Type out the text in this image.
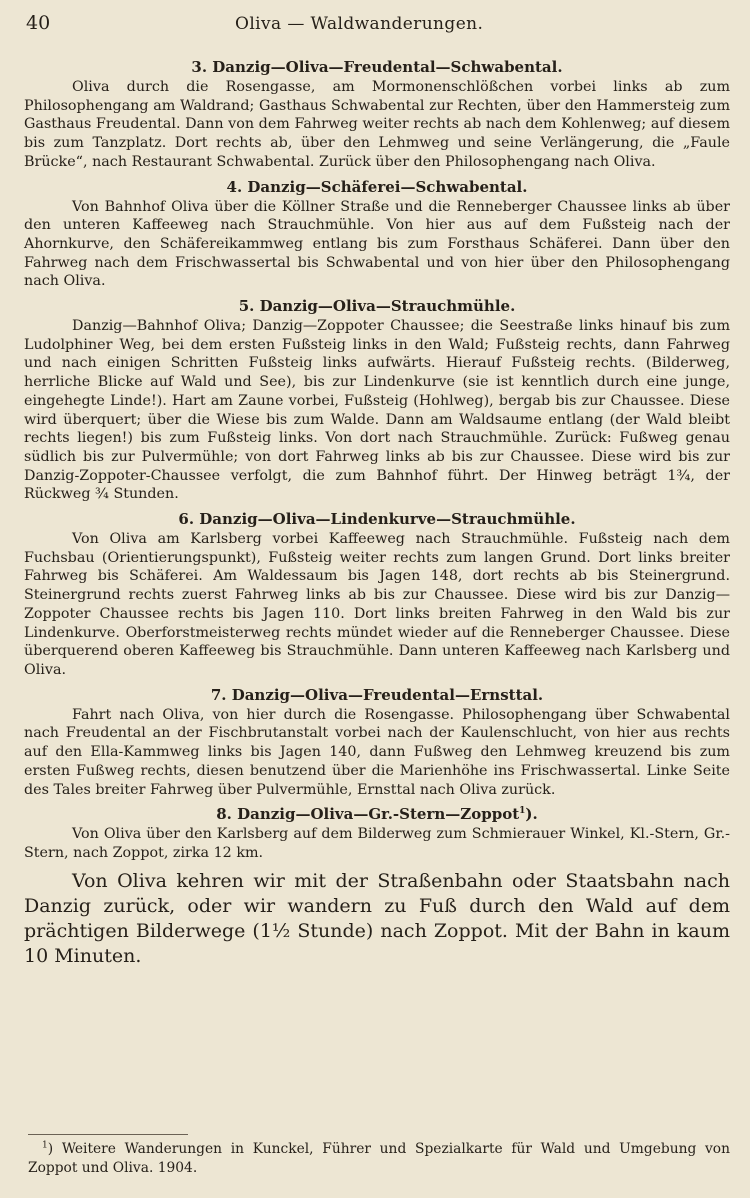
40	Oliva — Waldwanderungen.
3. Danzig—Oliva—Freudental—Schwabental.

Oliva durch die Rosengasse, am Mormonenschlößchen vorbei links ab zum Philosophengang am Waldrand; Gasthaus Schwabental zur Rechten, über den Hammersteig zum Gasthaus Freudental. Dann von dem Fahrweg weiter rechts ab nach dem Kohlenweg; auf diesem bis zum Tanzplatz. Dort rechts ab, über den Lehmweg und seine Verlängerung, die „Faule Brücke“, nach Restaurant Schwabental. Zurück über den Philosophengang nach Oliva.

4. Danzig—Schäferei—Schwabental.

Von Bahnhof Oliva über die Köllner Straße und die Renneberger Chaussee links ab über den unteren Kaffeeweg nach Strauchmühle. Von hier aus auf dem Fußsteig nach der Ahornkurve, den Schäfereikammweg entlang bis zum Forsthaus Schäferei. Dann über den Fahrweg nach dem Frischwassertal bis Schwabental und von hier über den Philosophengang nach Oliva.

5. Danzig—Oliva—Strauchmühle.

Danzig—Bahnhof Oliva; Danzig—Zoppoter Chaussee; die Seestraße links hinauf bis zum Ludolphiner Weg, bei dem ersten Fußsteig links in den Wald; Fußsteig rechts, dann Fahrweg und nach einigen Schritten Fußsteig links aufwärts. Hierauf Fußsteig rechts. (Bilderweg, herrliche Blicke auf Wald und See), bis zur Lindenkurve (sie ist kenntlich durch eine junge, eingehegte Linde!). Hart am Zaune vorbei, Fußsteig (Hohlweg), bergab bis zur Chaussee. Diese wird überquert; über die Wiese bis zum Walde. Dann am Waldsaume entlang (der Wald bleibt rechts liegen!) bis zum Fußsteig links. Von dort nach Strauchmühle. Zurück: Fußweg genau südlich bis zur Pulvermühle; von dort Fahrweg links ab bis zur Chaussee. Diese wird bis zur Danzig-Zoppoter-Chaussee verfolgt, die zum Bahnhof führt. Der Hinweg beträgt 1¾, der Rückweg ¾ Stunden.

6. Danzig—Oliva—Lindenkurve—Strauchmühle.

Von Oliva am Karlsberg vorbei Kaffeeweg nach Strauchmühle. Fußsteig nach dem Fuchsbau (Orientierungspunkt), Fußsteig weiter rechts zum langen Grund. Dort links breiter Fahrweg bis Schäferei. Am Waldessaum bis Jagen 148, dort rechts ab bis Steinergrund. Steinergrund rechts zuerst Fahrweg links ab bis zur Chaussee. Diese wird bis zur Danzig—Zoppoter Chaussee rechts bis Jagen 110. Dort links breiten Fahrweg in den Wald bis zur Lindenkurve. Oberforstmeisterweg rechts mündet wieder auf die Renneberger Chaussee. Diese überquerend oberen Kaffeeweg bis Strauchmühle. Dann unteren Kaffeeweg nach Karlsberg und Oliva.

7. Danzig—Oliva—Freudental—Ernsttal.

Fahrt nach Oliva, von hier durch die Rosengasse. Philosophengang über Schwabental nach Freudental an der Fischbrutanstalt vorbei nach der Kaulenschlucht, von hier aus rechts auf den Ella-Kammweg links bis Jagen 140, dann Fußweg den Lehmweg kreuzend bis zum ersten Fußweg rechts, diesen benutzend über die Marienhöhe ins Frischwassertal. Linke Seite des Tales breiter Fahrweg über Pulvermühle, Ernsttal nach Oliva zurück.

8. Danzig—Oliva—Gr.-Stern—Zoppot$^1$).

Von Oliva über den Karlsberg auf dem Bilderweg zum Schmierauer Winkel, Kl.-Stern, Gr.-Stern, nach Zoppot, zirka 12 km.

Von Oliva kehren wir mit der Straßenbahn oder Staatsbahn nach Danzig zurück, oder wir wandern zu Fuß durch den Wald auf dem prächtigen Bilderwege (1½ Stunde) nach Zoppot. Mit der Bahn in kaum 10 Minuten.

$^1$) Weitere Wanderungen in Kunckel, Führer und Spezialkarte für Wald und Umgebung von Zoppot und Oliva. 1904.
